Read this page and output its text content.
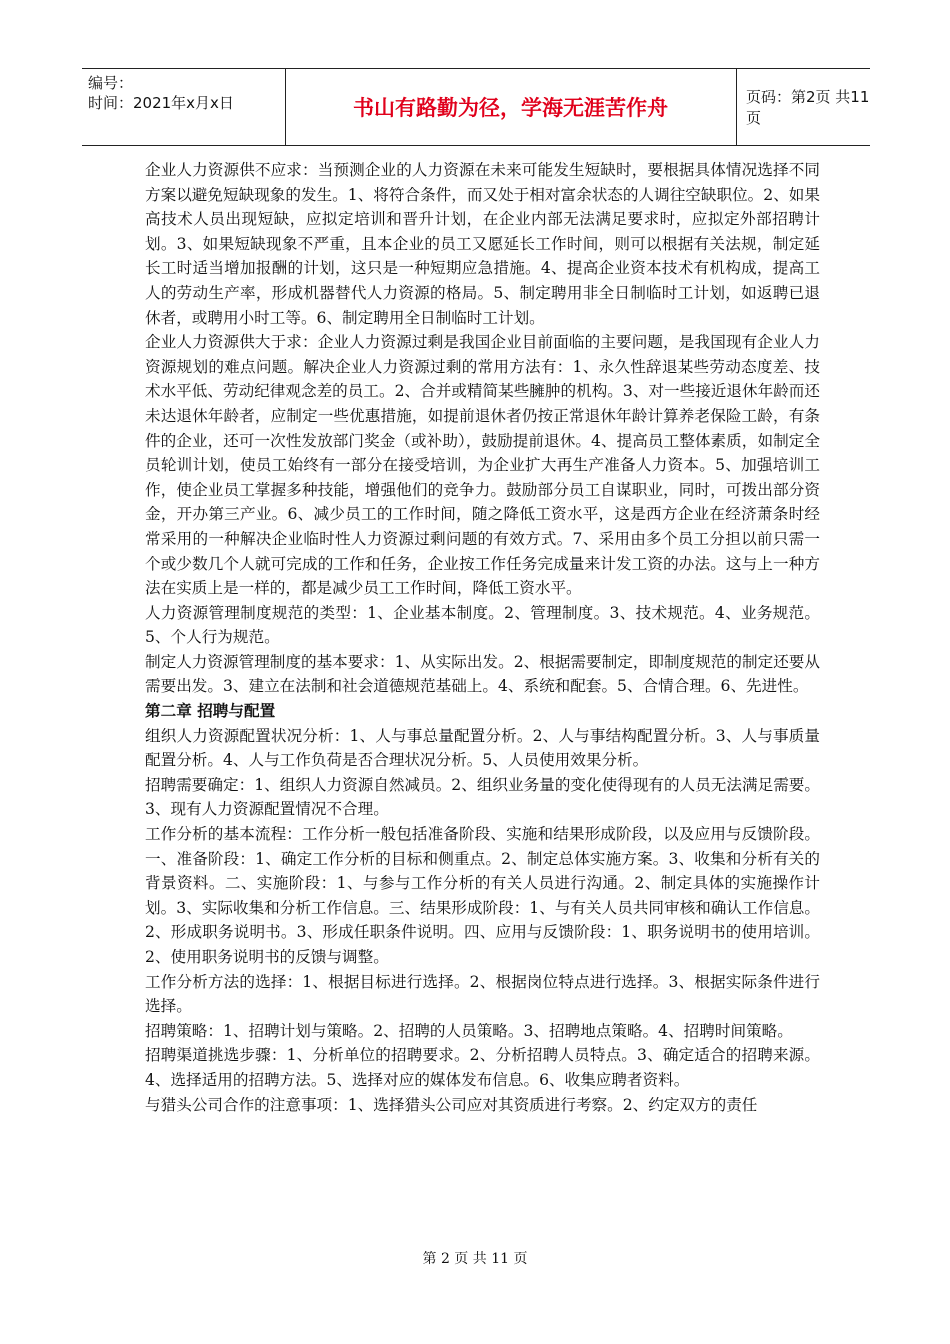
编号：
时间：2021年x月x日	书山有路勤为径，学海无涯苦作舟	页码：第2页 共11页

企业人力资源供不应求：当预测企业的人力资源在未来可能发生短缺时，要根据具体情况选择不同方案以避免短缺现象的发生。1、将符合条件，而又处于相对富余状态的人调往空缺职位。2、如果高技术人员出现短缺，应拟定培训和晋升计划，在企业内部无法满足要求时，应拟定外部招聘计划。3、如果短缺现象不严重，且本企业的员工又愿延长工作时间，则可以根据有关法规，制定延长工时适当增加报酬的计划，这只是一种短期应急措施。4、提高企业资本技术有机构成，提高工人的劳动生产率，形成机器替代人力资源的格局。5、制定聘用非全日制临时工计划，如返聘已退休者，或聘用小时工等。6、制定聘用全日制临时工计划。

企业人力资源供大于求：企业人力资源过剩是我国企业目前面临的主要问题，是我国现有企业人力资源规划的难点问题。解决企业人力资源过剩的常用方法有：1、永久性辞退某些劳动态度差、技术水平低、劳动纪律观念差的员工。2、合并或精简某些臃肿的机构。3、对一些接近退休年龄而还未达退休年龄者，应制定一些优惠措施，如提前退休者仍按正常退休年龄计算养老保险工龄，有条件的企业，还可一次性发放部门奖金（或补助），鼓励提前退休。4、提高员工整体素质，如制定全员轮训计划，使员工始终有一部分在接受培训，为企业扩大再生产准备人力资本。5、加强培训工作，使企业员工掌握多种技能，增强他们的竞争力。鼓励部分员工自谋职业，同时，可拨出部分资金，开办第三产业。6、减少员工的工作时间，随之降低工资水平，这是西方企业在经济萧条时经常采用的一种解决企业临时性人力资源过剩问题的有效方式。7、采用由多个员工分担以前只需一个或少数几个人就可完成的工作和任务，企业按工作任务完成量来计发工资的办法。这与上一种方法在实质上是一样的，都是减少员工工作时间，降低工资水平。

人力资源管理制度规范的类型：1、企业基本制度。2、管理制度。3、技术规范。4、业务规范。5、个人行为规范。

制定人力资源管理制度的基本要求：1、从实际出发。2、根据需要制定，即制度规范的制定还要从需要出发。3、建立在法制和社会道德规范基础上。4、系统和配套。5、合情合理。6、先进性。

第二章 招聘与配置

组织人力资源配置状况分析：1、人与事总量配置分析。2、人与事结构配置分析。3、人与事质量配置分析。4、人与工作负荷是否合理状况分析。5、人员使用效果分析。

招聘需要确定：1、组织人力资源自然减员。2、组织业务量的变化使得现有的人员无法满足需要。3、现有人力资源配置情况不合理。

工作分析的基本流程：工作分析一般包括准备阶段、实施和结果形成阶段，以及应用与反馈阶段。一、准备阶段：1、确定工作分析的目标和侧重点。2、制定总体实施方案。3、收集和分析有关的背景资料。二、实施阶段：1、与参与工作分析的有关人员进行沟通。2、制定具体的实施操作计划。3、实际收集和分析工作信息。三、结果形成阶段：1、与有关人员共同审核和确认工作信息。2、形成职务说明书。3、形成任职条件说明。四、应用与反馈阶段：1、职务说明书的使用培训。2、使用职务说明书的反馈与调整。

工作分析方法的选择：1、根据目标进行选择。2、根据岗位特点进行选择。3、根据实际条件进行选择。

招聘策略：1、招聘计划与策略。2、招聘的人员策略。3、招聘地点策略。4、招聘时间策略。

招聘渠道挑选步骤：1、分析单位的招聘要求。2、分析招聘人员特点。3、确定适合的招聘来源。4、选择适用的招聘方法。5、选择对应的媒体发布信息。6、收集应聘者资料。

与猎头公司合作的注意事项：1、选择猎头公司应对其资质进行考察。2、约定双方的责任

第 2 页 共 11 页
